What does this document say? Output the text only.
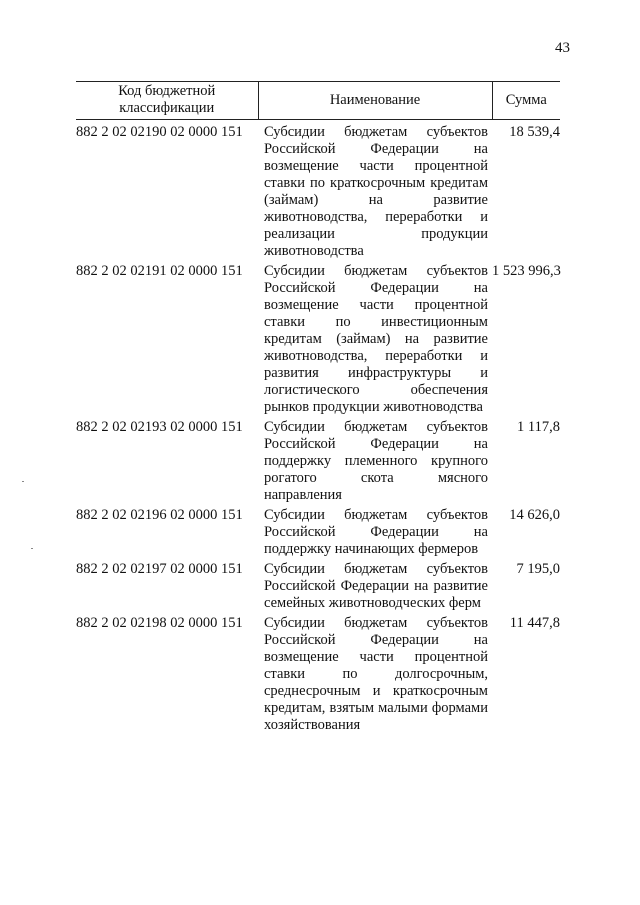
43
Код бюджетной классификации	Наименование	Сумма
882 2 02 02190 02 0000 151	Субсидии бюджетам субъектов Российской Федерации на возмещение части процентной ставки по краткосрочным кредитам (займам) на развитие животноводства, переработки и реализации продукции животноводства	18 539,4
882 2 02 02191 02 0000 151	Субсидии бюджетам субъектов Российской Федерации на возмещение части процентной ставки по инвестиционным кредитам (займам) на развитие животноводства, переработки и развития инфраструктуры и логистического обеспечения рынков продукции животноводства	1 523 996,3
882 2 02 02193 02 0000 151	Субсидии бюджетам субъектов Российской Федерации на поддержку племенного крупного рогатого скота мясного направления	1 117,8
882 2 02 02196 02 0000 151	Субсидии бюджетам субъектов Российской Федерации на поддержку начинающих фермеров	14 626,0
882 2 02 02197 02 0000 151	Субсидии бюджетам субъектов Российской Федерации на развитие семейных животноводческих ферм	7 195,0
882 2 02 02198 02 0000 151	Субсидии бюджетам субъектов Российской Федерации на возмещение части процентной ставки по долгосрочным, среднесрочным и краткосрочным кредитам, взятым малыми формами хозяйствования	11 447,8
